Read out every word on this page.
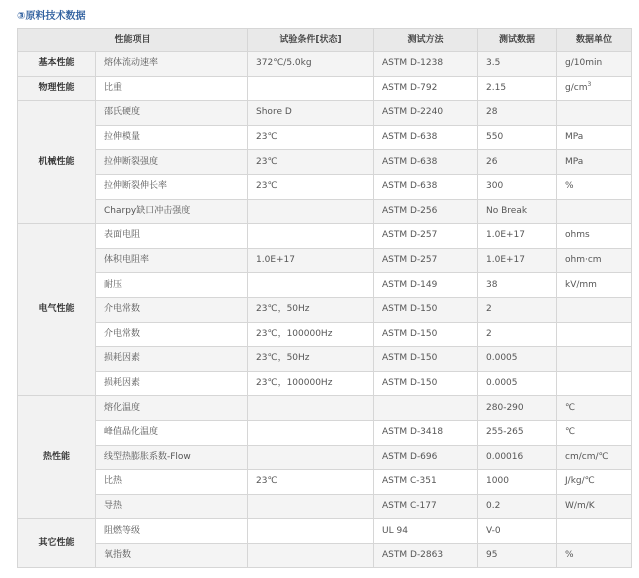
③原料技术数据
性能项目		试验条件[状态]	测试方法	测试数据	数据单位
基本性能	熔体流动速率	372℃/5.0kg	ASTM D-1238	3.5	g/10min
物理性能	比重		ASTM D-792	2.15	$g/cm^3$
机械性能	邵氏硬度	Shore D	ASTM D-2240	28	
	拉伸模量	23℃	ASTM D-638	550	MPa
	拉伸断裂强度	23℃	ASTM D-638	26	MPa
	拉伸断裂伸长率	23℃	ASTM D-638	300	%
	Charpy缺口冲击强度		ASTM D-256	No Break	
电气性能	表面电阻		ASTM D-257	1.0E+17	ohms
	体积电阻率	1.0E+17	ASTM D-257	1.0E+17	ohm·cm
	耐压		ASTM D-149	38	kV/mm
	介电常数	23℃，50Hz	ASTM D-150	2	
	介电常数	23℃，100000Hz	ASTM D-150	2	
	损耗因素	23℃，50Hz	ASTM D-150	0.0005	
	损耗因素	23℃，100000Hz	ASTM D-150	0.0005	
热性能	熔化温度			280-290	℃
	峰值晶化温度		ASTM D-3418	255-265	℃
	线型热膨胀系数-Flow		ASTM D-696	0.00016	cm/cm/℃
	比热	23℃	ASTM C-351	1000	J/kg/℃
	导热		ASTM C-177	0.2	W/m/K
其它性能	阻燃等级		UL 94	V-0	
	氧指数		ASTM D-2863	95	%
